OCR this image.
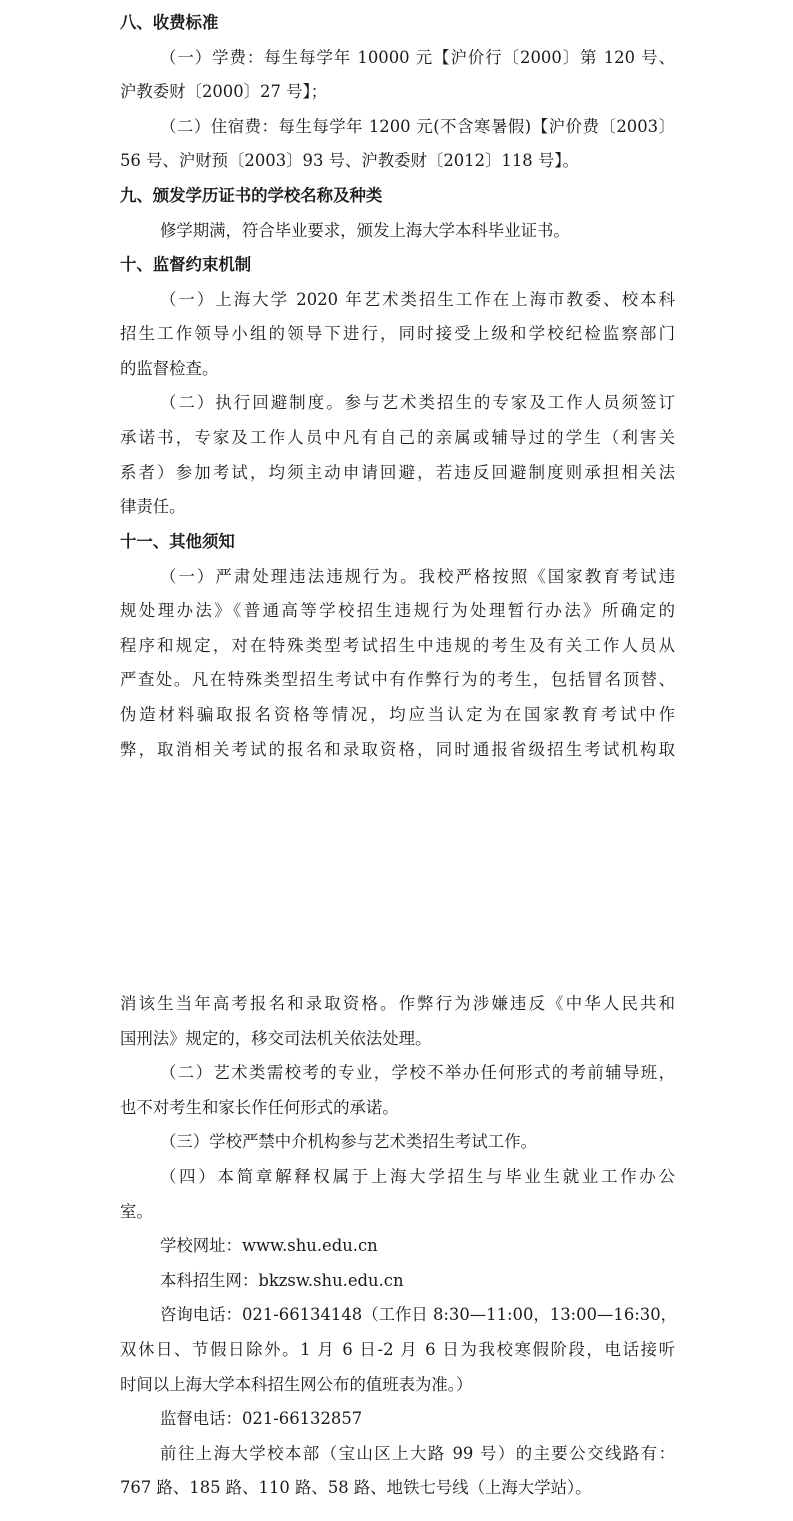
八、收费标准
（一）学费：每生每学年 10000 元【沪价行〔2000〕第 120 号、
沪教委财〔2000〕27 号】；
（二）住宿费：每生每学年 1200 元(不含寒暑假)【沪价费〔2003〕
56 号、沪财预〔2003〕93 号、沪教委财〔2012〕118 号】。
九、颁发学历证书的学校名称及种类
修学期满，符合毕业要求，颁发上海大学本科毕业证书。
十、监督约束机制
（一）上海大学 2020 年艺术类招生工作在上海市教委、校本科
招生工作领导小组的领导下进行，同时接受上级和学校纪检监察部门
的监督检查。
（二）执行回避制度。参与艺术类招生的专家及工作人员须签订
承诺书，专家及工作人员中凡有自己的亲属或辅导过的学生（利害关
系者）参加考试，均须主动申请回避，若违反回避制度则承担相关法
律责任。
十一、其他须知
（一）严肃处理违法违规行为。我校严格按照《国家教育考试违
规处理办法》《普通高等学校招生违规行为处理暂行办法》所确定的
程序和规定，对在特殊类型考试招生中违规的考生及有关工作人员从
严查处。凡在特殊类型招生考试中有作弊行为的考生，包括冒名顶替、
伪造材料骗取报名资格等情况，均应当认定为在国家教育考试中作
弊，取消相关考试的报名和录取资格，同时通报省级招生考试机构取
消该生当年高考报名和录取资格。作弊行为涉嫌违反《中华人民共和
国刑法》规定的，移交司法机关依法处理。
（二）艺术类需校考的专业，学校不举办任何形式的考前辅导班，
也不对考生和家长作任何形式的承诺。
（三）学校严禁中介机构参与艺术类招生考试工作。
（四）本简章解释权属于上海大学招生与毕业生就业工作办公
室。
学校网址：www.shu.edu.cn
本科招生网：bkzsw.shu.edu.cn
咨询电话：021-66134148（工作日 8:30—11:00，13:00—16:30，
双休日、节假日除外。1 月 6 日-2 月 6 日为我校寒假阶段，电话接听
时间以上海大学本科招生网公布的值班表为准。）
监督电话：021-66132857
前往上海大学校本部（宝山区上大路 99 号）的主要公交线路有：
767 路、185 路、110 路、58 路、地铁七号线（上海大学站）。
